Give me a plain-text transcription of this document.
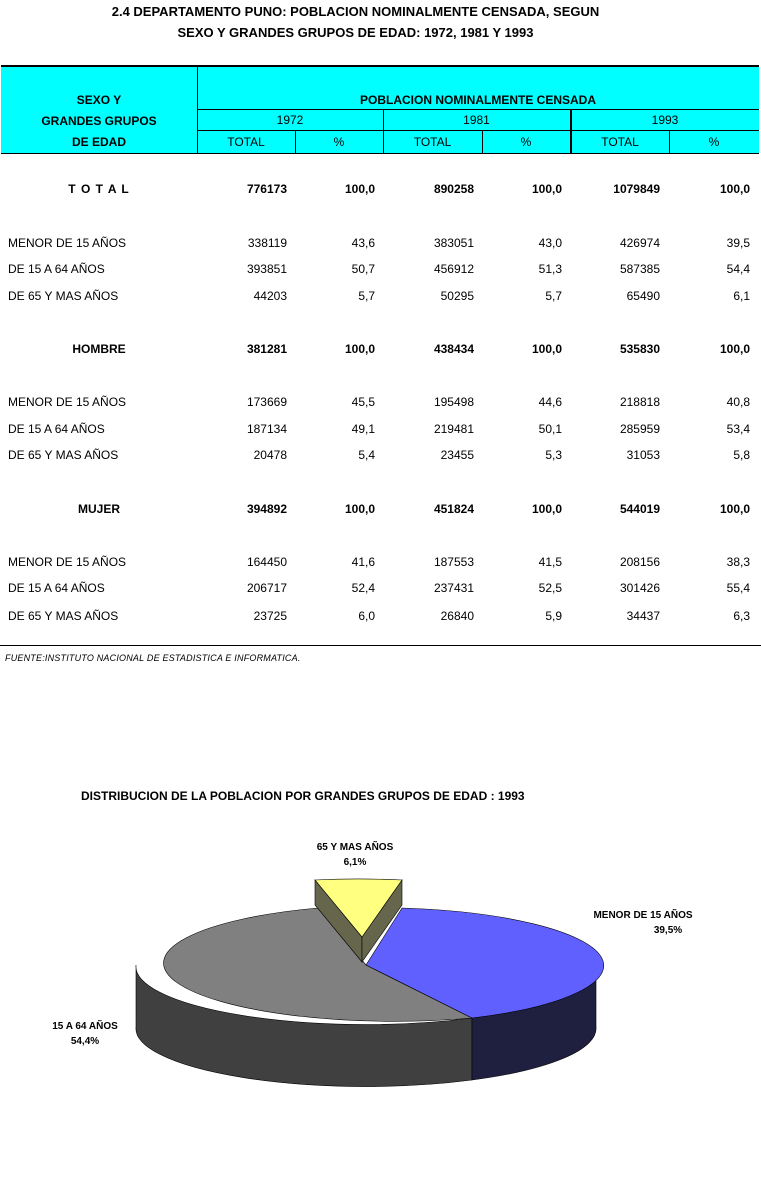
2.4 DEPARTAMENTO PUNO: POBLACION NOMINALMENTE CENSADA, SEGUN
SEXO Y GRANDES GRUPOS DE EDAD: 1972, 1981 Y 1993
SEXO Y
GRANDES GRUPOS
DE EDAD
POBLACION NOMINALMENTE CENSADA
1972	1981	1993
TOTAL	%	TOTAL	%	TOTAL	%
T O T A L	776173	100,0	890258	100,0	1079849	100,0
MENOR DE 15 AÑOS	338119	43,6	383051	43,0	426974	39,5
DE 15 A 64 AÑOS	393851	50,7	456912	51,3	587385	54,4
DE 65 Y MAS AÑOS	44203	5,7	50295	5,7	65490	6,1
HOMBRE	381281	100,0	438434	100,0	535830	100,0
MENOR DE 15 AÑOS	173669	45,5	195498	44,6	218818	40,8
DE 15 A 64 AÑOS	187134	49,1	219481	50,1	285959	53,4
DE 65 Y MAS AÑOS	20478	5,4	23455	5,3	31053	5,8
MUJER	394892	100,0	451824	100,0	544019	100,0
MENOR DE 15 AÑOS	164450	41,6	187553	41,5	208156	38,3
DE 15 A 64 AÑOS	206717	52,4	237431	52,5	301426	55,4
DE 65 Y MAS AÑOS	23725	6,0	26840	5,9	34437	6,3
FUENTE:INSTITUTO NACIONAL DE ESTADISTICA E INFORMATICA.
DISTRIBUCION DE LA POBLACION POR GRANDES GRUPOS DE EDAD : 1993
65 Y MAS AÑOS
6,1%
MENOR DE 15 AÑOS
39,5%
15 A 64 AÑOS
54,4%
